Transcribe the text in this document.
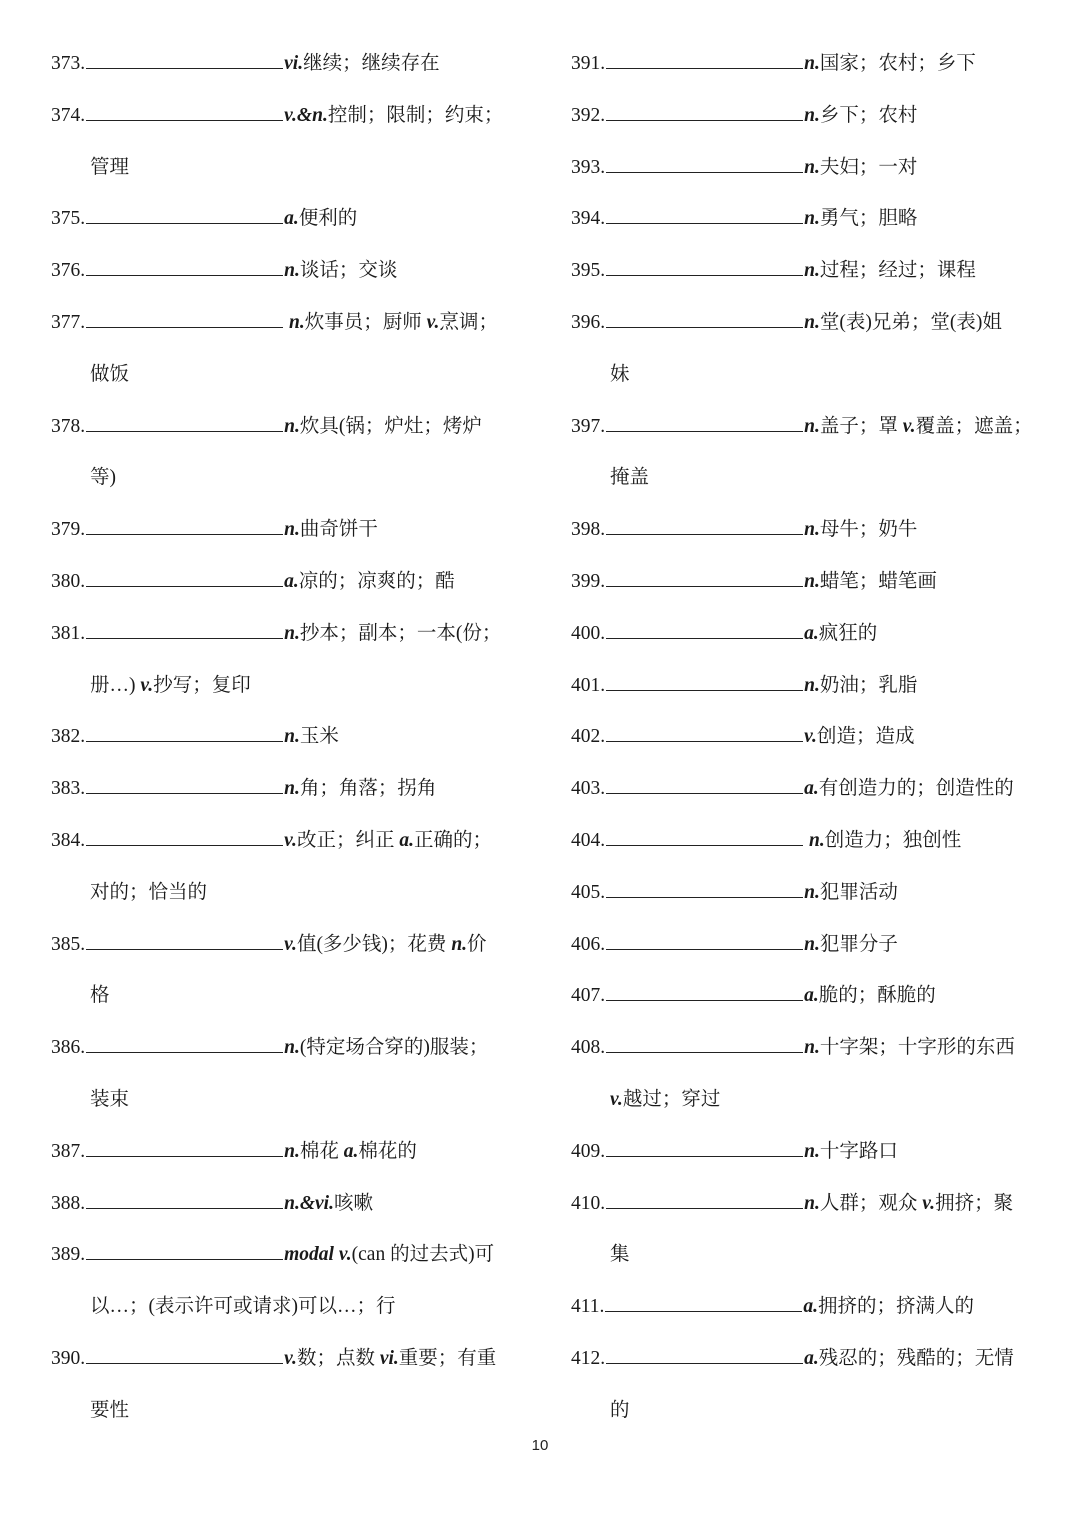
373.	vi.继续；继续存在
374.	v.&n.控制；限制；约束；
管理
375.	a.便利的
376.	n.谈话；交谈
377.	n.炊事员；厨师 v.烹调；
做饭
378.	n.炊具(锅；炉灶；烤炉
等)
379.	n.曲奇饼干
380.	a.凉的；凉爽的；酷
381.	n.抄本；副本；一本(份；
册…) v.抄写；复印
382.	n.玉米
383.	n.角；角落；拐角
384.	v.改正；纠正 a.正确的；
对的；恰当的
385.	v.值(多少钱)；花费 n.价
格
386.	n.(特定场合穿的)服装；
装束
387.	n.棉花 a.棉花的
388.	n.&vi.咳嗽
389.	modal v.(can 的过去式)可
以…；(表示许可或请求)可以…；行
390.	v.数；点数 vi.重要；有重
要性
391.	n.国家；农村；乡下
392.	n.乡下；农村
393.	n.夫妇；一对
394.	n.勇气；胆略
395.	n.过程；经过；课程
396.	n.堂(表)兄弟；堂(表)姐
妹
397.	n.盖子；罩 v.覆盖；遮盖；
掩盖
398.	n.母牛；奶牛
399.	n.蜡笔；蜡笔画
400.	a.疯狂的
401.	n.奶油；乳脂
402.	v.创造；造成
403.	a.有创造力的；创造性的
404.	n.创造力；独创性
405.	n.犯罪活动
406.	n.犯罪分子
407.	a.脆的；酥脆的
408.	n.十字架；十字形的东西
v.越过；穿过
409.	n.十字路口
410.	n.人群；观众 v.拥挤；聚
集
411.	a.拥挤的；挤满人的
412.	a.残忍的；残酷的；无情
的
10
